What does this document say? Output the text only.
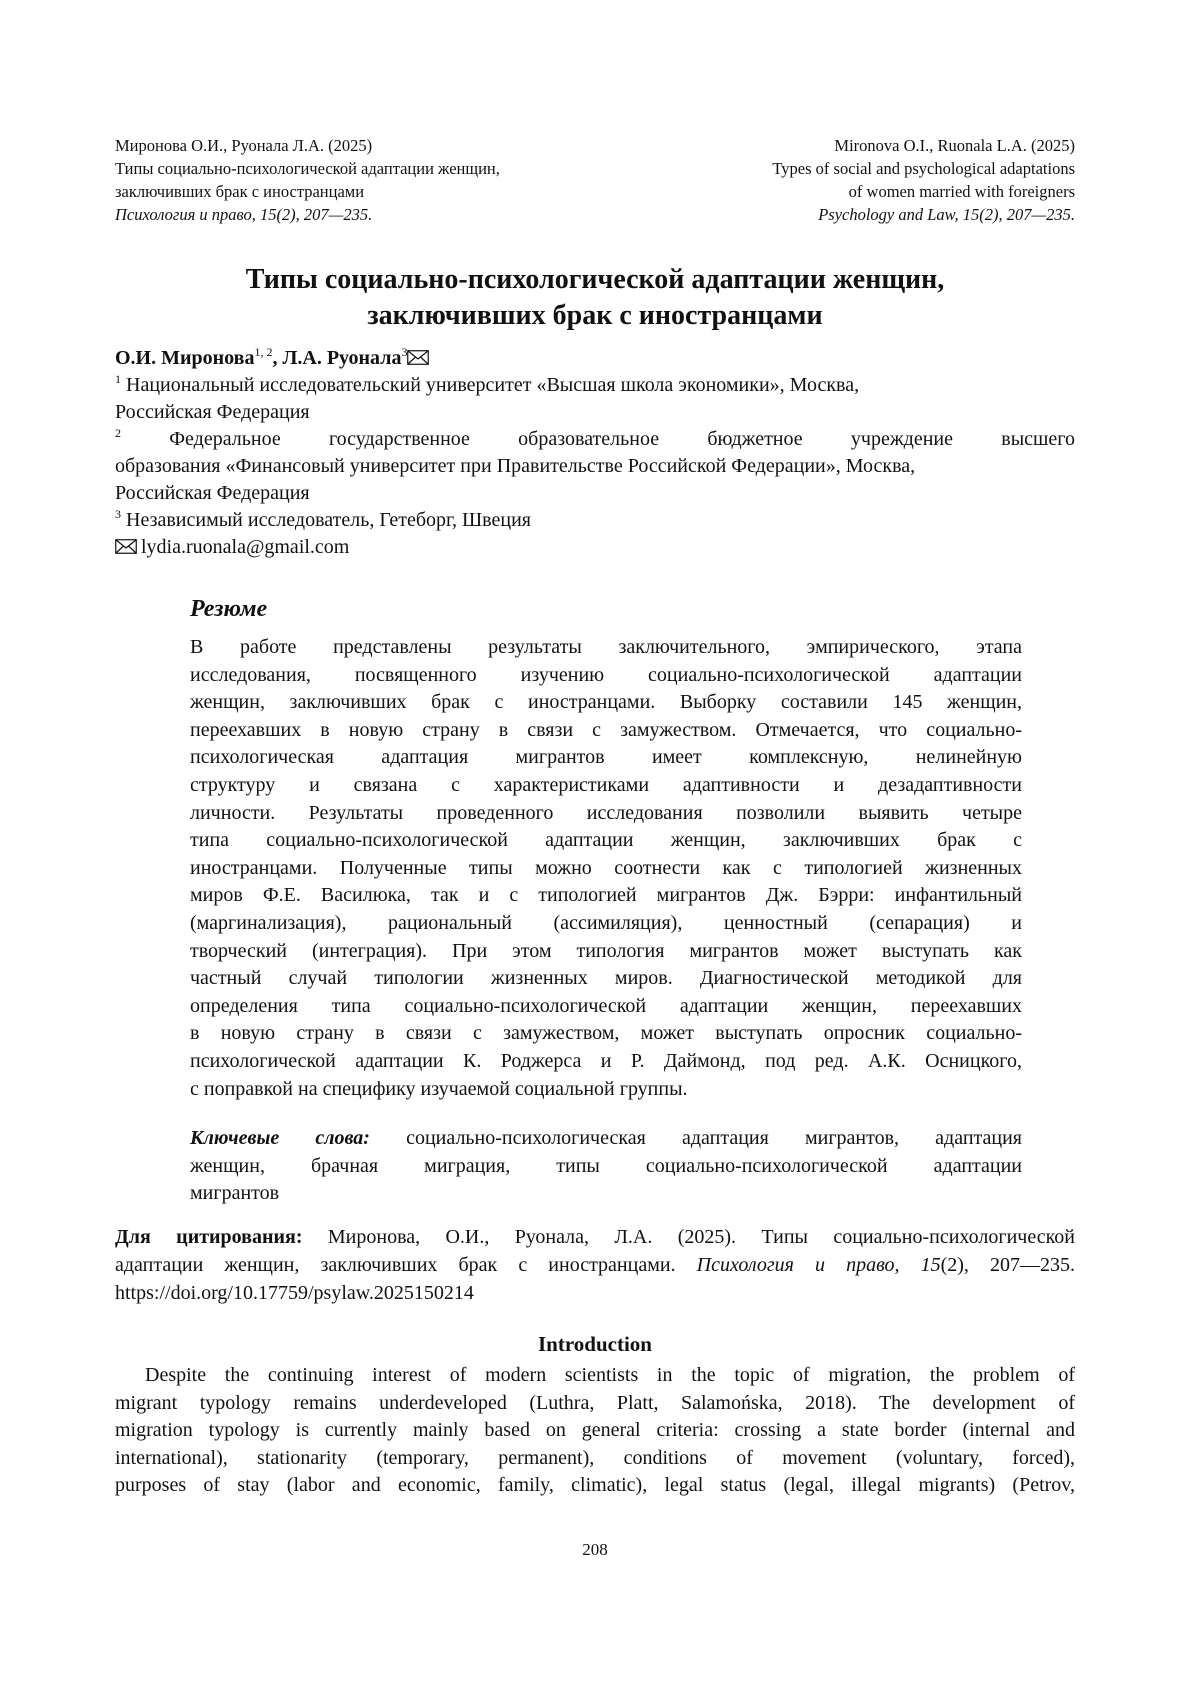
Миронова О.И., Руонала Л.А. (2025)
Типы социально-психологической адаптации женщин,
заключивших брак с иностранцами
Психология и право, 15(2), 207—235.
Mironova O.I., Ruonala L.A. (2025)
Types of social and psychological adaptations
of women married with foreigners
Psychology and Law, 15(2), 207—235.
Типы социально-психологической адаптации женщин,
заключивших брак с иностранцами
О.И. Миронова$^{1, 2}$, Л.А. Руонала$^3$
$^1$ Национальный исследовательский университет «Высшая школа экономики», Москва,
Российская Федерация
$^2$ Федеральное государственное образовательное бюджетное учреждение высшего
образования «Финансовый университет при Правительстве Российской Федерации», Москва,
Российская Федерация
$^3$ Независимый исследователь, Гетеборг, Швеция
lydia.ruonala@gmail.com
Резюме
В работе представлены результаты заключительного, эмпирического, этапа
исследования, посвященного изучению социально-психологической адаптации
женщин, заключивших брак с иностранцами. Выборку составили 145 женщин,
переехавших в новую страну в связи с замужеством. Отмечается, что социально-
психологическая адаптация мигрантов имеет комплексную, нелинейную
структуру и связана с характеристиками адаптивности и дезадаптивности
личности. Результаты проведенного исследования позволили выявить четыре
типа социально-психологической адаптации женщин, заключивших брак с
иностранцами. Полученные типы можно соотнести как с типологией жизненных
миров Ф.Е. Василюка, так и с типологией мигрантов Дж. Бэрри: инфантильный
(маргинализация), рациональный (ассимиляция), ценностный (сепарация) и
творческий (интеграция). При этом типология мигрантов может выступать как
частный случай типологии жизненных миров. Диагностической методикой для
определения типа социально-психологической адаптации женщин, переехавших
в новую страну в связи с замужеством, может выступать опросник социально-
психологической адаптации К. Роджерса и Р. Даймонд, под ред. А.К. Осницкого,
с поправкой на специфику изучаемой социальной группы.
Ключевые слова: социально-психологическая адаптация мигрантов, адаптация
женщин, брачная миграция, типы социально-психологической адаптации
мигрантов
Для цитирования: Миронова, О.И., Руонала, Л.А. (2025). Типы социально-психологической
адаптации женщин, заключивших брак с иностранцами. Психология и право, 15(2), 207—235.
https://doi.org/10.17759/psylaw.2025150214
Introduction
Despite the continuing interest of modern scientists in the topic of migration, the problem of
migrant typology remains underdeveloped (Luthra, Platt, Salamońska, 2018). The development of
migration typology is currently mainly based on general criteria: crossing a state border (internal and
international), stationarity (temporary, permanent), conditions of movement (voluntary, forced),
purposes of stay (labor and economic, family, climatic), legal status (legal, illegal migrants) (Petrov,
208
